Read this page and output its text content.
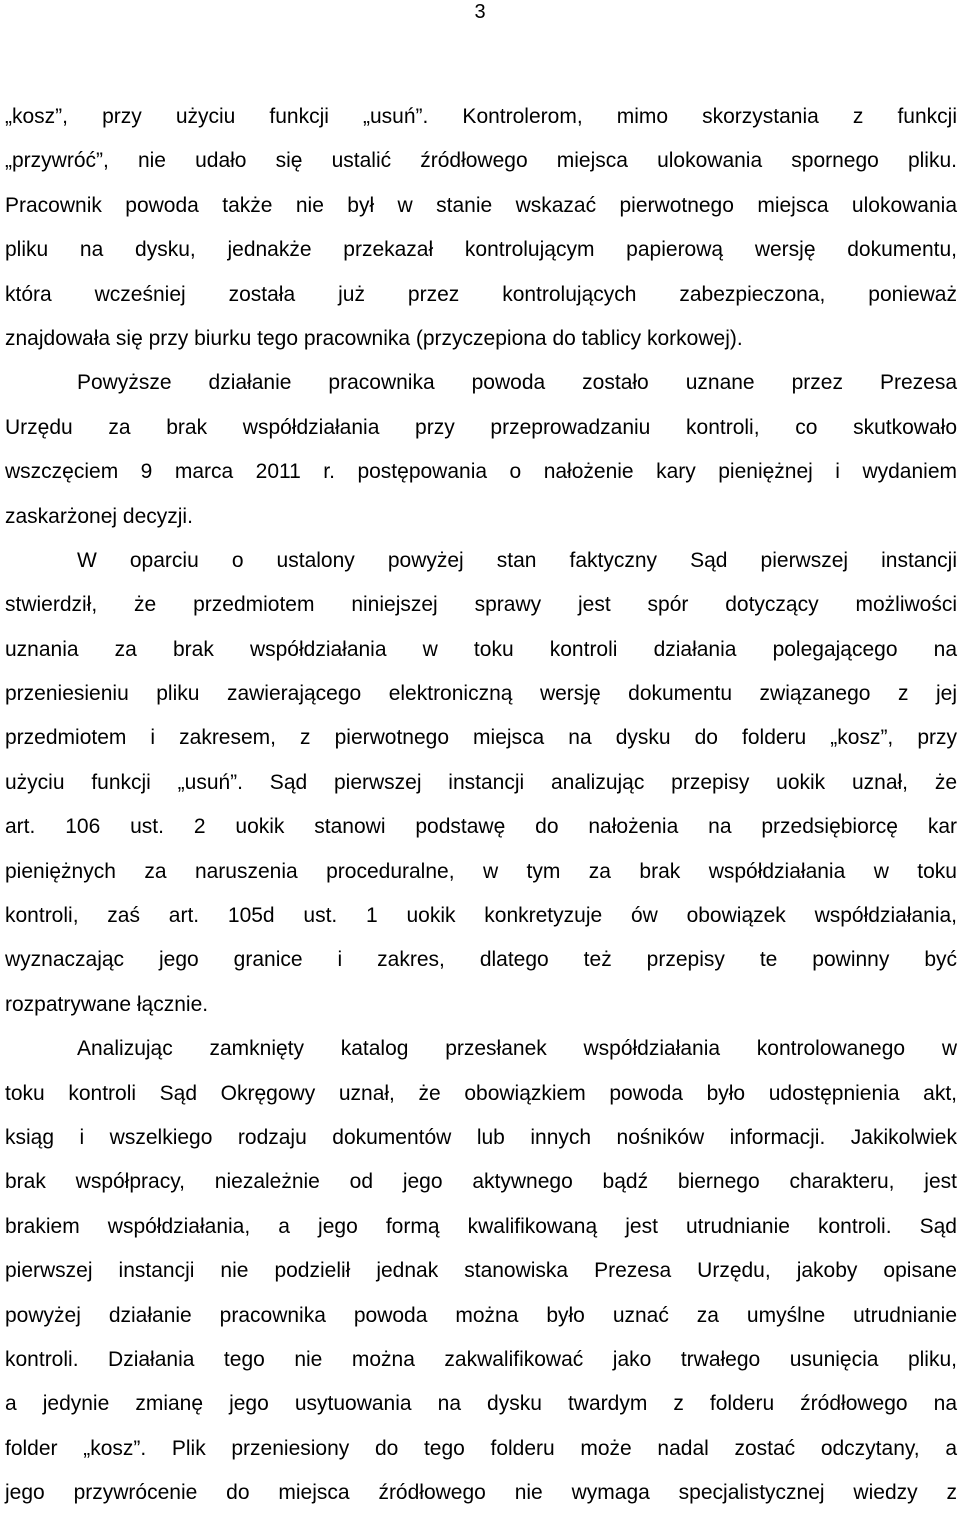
3
„kosz”, przy użyciu funkcji „usuń”. Kontrolerom, mimo skorzystania z funkcji
„przywróć”, nie udało się ustalić źródłowego miejsca ulokowania spornego pliku.
Pracownik powoda także nie był w stanie wskazać pierwotnego miejsca ulokowania
pliku na dysku, jednakże przekazał kontrolującym papierową wersję dokumentu,
która wcześniej została już przez kontrolujących zabezpieczona, ponieważ
znajdowała się przy biurku tego pracownika (przyczepiona do tablicy korkowej).
Powyższe działanie pracownika powoda zostało uznane przez Prezesa
Urzędu za brak współdziałania przy przeprowadzaniu kontroli, co skutkowało
wszczęciem 9 marca 2011 r. postępowania o nałożenie kary pieniężnej i wydaniem
zaskarżonej decyzji.
W oparciu o ustalony powyżej stan faktyczny Sąd pierwszej instancji
stwierdził, że przedmiotem niniejszej sprawy jest spór dotyczący możliwości
uznania za brak współdziałania w toku kontroli działania polegającego na
przeniesieniu pliku zawierającego elektroniczną wersję dokumentu związanego z jej
przedmiotem i zakresem, z pierwotnego miejsca na dysku do folderu „kosz”, przy
użyciu funkcji „usuń”. Sąd pierwszej instancji analizując przepisy uokik uznał, że
art. 106 ust. 2 uokik stanowi podstawę do nałożenia na przedsiębiorcę kar
pieniężnych za naruszenia proceduralne, w tym za brak współdziałania w toku
kontroli, zaś art. 105d ust. 1 uokik konkretyzuje ów obowiązek współdziałania,
wyznaczając jego granice i zakres, dlatego też przepisy te powinny być
rozpatrywane łącznie.
Analizując zamknięty katalog przesłanek współdziałania kontrolowanego w
toku kontroli Sąd Okręgowy uznał, że obowiązkiem powoda było udostępnienia akt,
ksiąg i wszelkiego rodzaju dokumentów lub innych nośników informacji. Jakikolwiek
brak współpracy, niezależnie od jego aktywnego bądź biernego charakteru, jest
brakiem współdziałania, a jego formą kwalifikowaną jest utrudnianie kontroli. Sąd
pierwszej instancji nie podzielił jednak stanowiska Prezesa Urzędu, jakoby opisane
powyżej działanie pracownika powoda można było uznać za umyślne utrudnianie
kontroli. Działania tego nie można zakwalifikować jako trwałego usunięcia pliku,
a jedynie zmianę jego usytuowania na dysku twardym z folderu źródłowego na
folder „kosz”. Plik przeniesiony do tego folderu może nadal zostać odczytany, a
jego przywrócenie do miejsca źródłowego nie wymaga specjalistycznej wiedzy z
